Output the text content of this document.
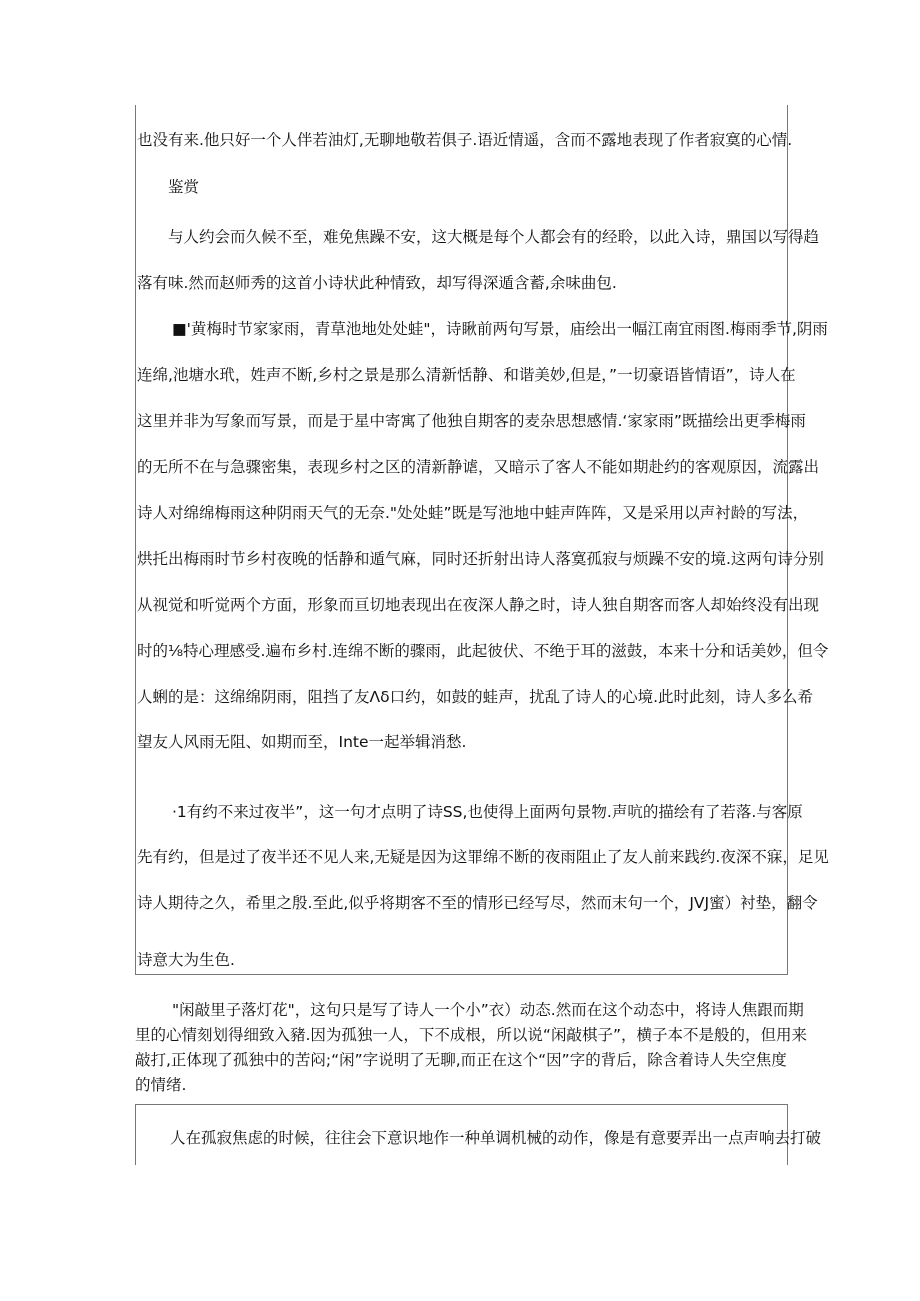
也没有来.他只好一个人伴若油灯,无聊地敬若俱子.语近情遥，含而不露地表现了作者寂寞的心情.
鉴赏
与人约会而久候不至，难免焦躁不安，这大概是每个人都会有的经聆，以此入诗，鼎国以写得趋
落有味.然而赵师秀的这首小诗状此种情致，却写得深遁含蓄,余味曲包.
■'黄梅时节家家雨，青草池地处处蛙"，诗瞅前两句写景，庙绘出一幅江南宜雨图.梅雨季节,阴雨
连绵,池塘水玳，姓声不断,乡村之景是那么清新恬静、和谐美妙,但是，”一切豪语皆情语”，诗人在
这里并非为写象而写景，而是于星中寄寓了他独自期客的麦杂思想感情.‘家家雨”既描绘出更季梅雨
的无所不在与急骤密集，表现乡村之区的清新静谑，又暗示了客人不能如期赴约的客观原因，流露出
诗人对绵绵梅雨这种阴雨天气的无奈."处处蛙”既是写池地中蛙声阵阵，又是采用以声衬龄的写法，
烘托出梅雨时节乡村夜晚的恬静和遁气麻，同时还折射出诗人落寞孤寂与烦躁不安的境.这两句诗分别
从视觉和听觉两个方面，形象而亘切地表现出在夜深人静之时，诗人独自期客而客人却始终没有出现
时的⅛特心理感受.遍布乡村.连绵不断的骤雨，此起彼伏、不绝于耳的滋鼓，本来十分和话美妙，但令
人蜊的是：这绵绵阴雨，阻挡了友Λδ口约，如鼓的蛙声，扰乱了诗人的心境.此时此刻，诗人多么希
望友人风雨无阻、如期而至，Inte一起举辑消愁.
·1有约不来过夜半”，这一句才点明了诗SS,也使得上面两句景物.声吭的描绘有了若落.与客原
先有约，但是过了夜半还不见人来,无疑是因为这罪绵不断的夜雨阻止了友人前来践约.夜深不寐，足见
诗人期待之久，希里之殷.至此,似乎将期客不至的情形已经写尽，然而末句一个，JVJ蜜）衬垫，翻令
诗意大为生色.
"闲敲里子落灯花"，这句只是写了诗人一个小”衣）动态.然而在这个动态中，将诗人焦跟而期
里的心情刻划得细致入豬.因为孤独一人，下不成根，所以说“闲敲棋子”，横子本不是般的，但用来
敲打,正体现了孤独中的苦闷;“闲”字说明了无聊,而正在这个“因”字的背后，除含着诗人失空焦度
的情绪.
人在孤寂焦虑的时候，往往会下意识地作一种单调机械的动作，像是有意要弄出一点声响去打破
